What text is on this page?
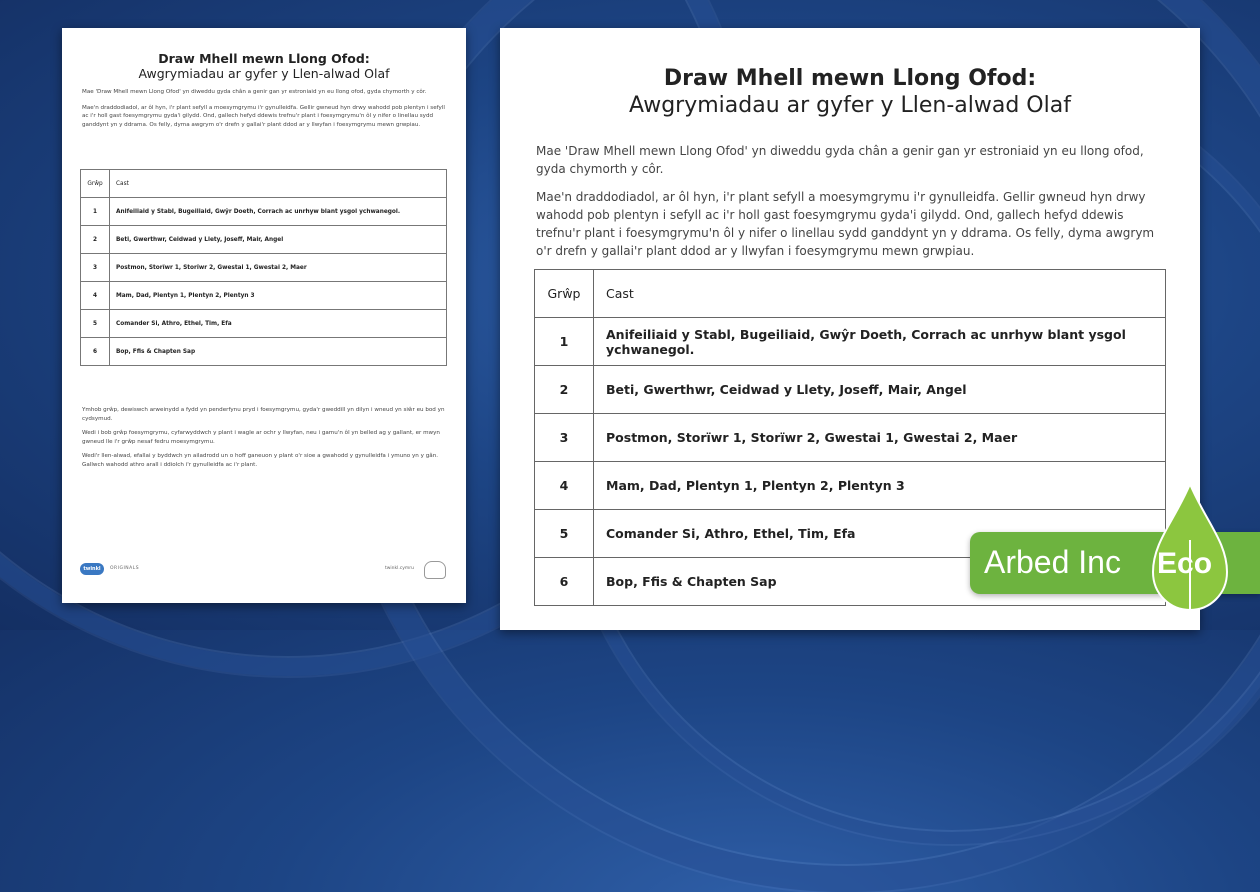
Draw Mhell mewn Llong Ofod:
Awgrymiadau ar gyfer y Llen-alwad Olaf

Mae 'Draw Mhell mewn Llong Ofod' yn diweddu gyda chân a genir gan yr estroniaid yn eu llong ofod, gyda chymorth y côr.

Mae'n draddodiadol, ar ôl hyn, i'r plant sefyll a moesymgrymu i'r gynulleidfa. Gellir gwneud hyn drwy wahodd pob plentyn i sefyll ac i'r holl gast foesymgrymu gyda'i gilydd. Ond, gallech hefyd ddewis trefnu'r plant i foesymgrymu'n ôl y nifer o linellau sydd ganddynt yn y ddrama. Os felly, dyma awgrym o'r drefn y gallai'r plant ddod ar y llwyfan i foesymgrymu mewn grwpiau.

Grŵp	Cast
1	Anifeiliaid y Stabl, Bugeiliaid, Gwŷr Doeth, Corrach ac unrhyw blant ysgol ychwanegol.
2	Beti, Gwerthwr, Ceidwad y Llety, Joseff, Mair, Angel
3	Postmon, Storïwr 1, Storïwr 2, Gwestai 1, Gwestai 2, Maer
4	Mam, Dad, Plentyn 1, Plentyn 2, Plentyn 3
5	Comander Si, Athro, Ethel, Tim, Efa
6	Bop, Ffis & Chapten Sap

Ymhob grŵp, dewiswch arweinydd a fydd yn penderfynu pryd i foesymgrymu, gyda'r gweddill yn dilyn i wneud yn siŵr eu bod yn cydsymud.

Wedi i bob grŵp foesymgrymu, cyfarwyddwch y plant i wagle ar ochr y llwyfan, neu i gamu'n ôl yn belled ag y gallant, er mwyn gwneud lle i'r grŵp nesaf fedru moesymgrymu.

Wedi'r llen-alwad, efallai y byddwch yn ailadrodd un o hoff ganeuon y plant o'r sioe a gwahodd y gynulleidfa i ymuno yn y gân. Gallwch wahodd athro arall i ddiolch i'r gynulleidfa ac i'r plant.

twinkl	ORIGINALS	twinkl.cymru
Draw Mhell mewn Llong Ofod:
Awgrymiadau ar gyfer y Llen-alwad Olaf

Mae 'Draw Mhell mewn Llong Ofod' yn diweddu gyda chân a genir gan yr estroniaid yn eu llong ofod, gyda chymorth y côr.

Mae'n draddodiadol, ar ôl hyn, i'r plant sefyll a moesymgrymu i'r gynulleidfa. Gellir gwneud hyn drwy wahodd pob plentyn i sefyll ac i'r holl gast foesymgrymu gyda'i gilydd. Ond, gallech hefyd ddewis trefnu'r plant i foesymgrymu'n ôl y nifer o linellau sydd ganddynt yn y ddrama. Os felly, dyma awgrym o'r drefn y gallai'r plant ddod ar y llwyfan i foesymgrymu mewn grwpiau.

Grŵp	Cast
1	Anifeiliaid y Stabl, Bugeiliaid, Gwŷr Doeth, Corrach ac unrhyw blant ysgol ychwanegol.
2	Beti, Gwerthwr, Ceidwad y Llety, Joseff, Mair, Angel
3	Postmon, Storïwr 1, Storïwr 2, Gwestai 1, Gwestai 2, Maer
4	Mam, Dad, Plentyn 1, Plentyn 2, Plentyn 3
5	Comander Si, Athro, Ethel, Tim, Efa
6	Bop, Ffis & Chapten Sap
Arbed Inc Eco
